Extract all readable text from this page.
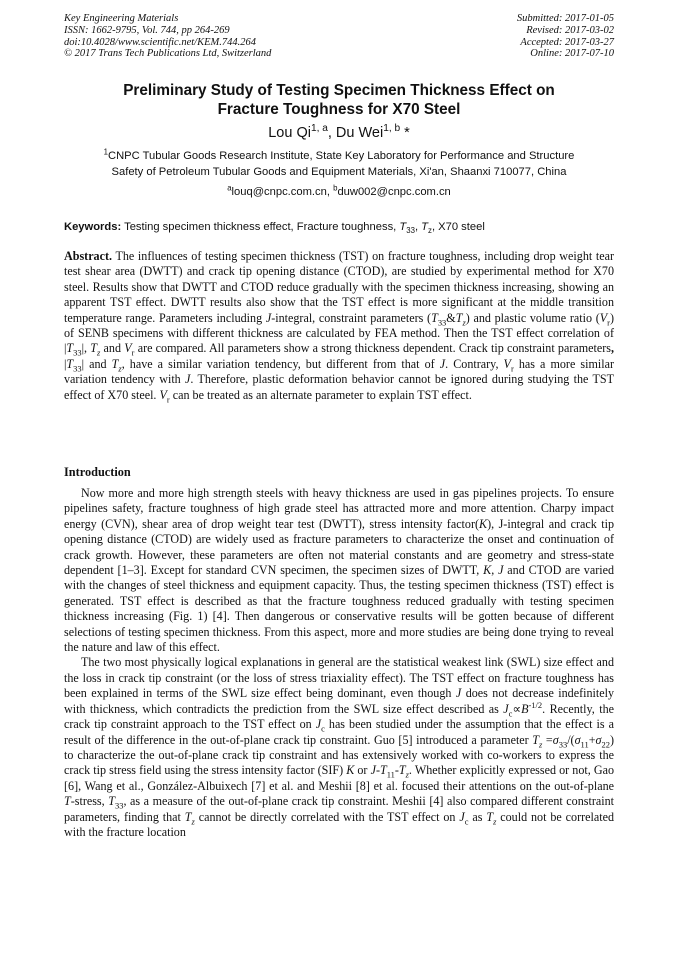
Key Engineering Materials
ISSN: 1662-9795, Vol. 744, pp 264-269
doi:10.4028/www.scientific.net/KEM.744.264
© 2017 Trans Tech Publications Ltd, Switzerland
Submitted: 2017-01-05
Revised: 2017-03-02
Accepted: 2017-03-27
Online: 2017-07-10
Preliminary Study of Testing Specimen Thickness Effect on
Fracture Toughness for X70 Steel
Lou Qi$^{1, a}$, Du Wei$^{1, b}$ *
$^1$CNPC Tubular Goods Research Institute, State Key Laboratory for Performance and Structure
Safety of Petroleum Tubular Goods and Equipment Materials, Xi'an, Shaanxi 710077, China
$^a$louq@cnpc.com.cn, $^b$duw002@cnpc.com.cn
Keywords: Testing specimen thickness effect, Fracture toughness, $T_{33}$, $T_z$, X70 steel
Abstract. The influences of testing specimen thickness (TST) on fracture toughness, including drop weight tear test shear area (DWTT) and crack tip opening distance (CTOD), are studied by experimental method for X70 steel. Results show that DWTT and CTOD reduce gradually with the specimen thickness increasing, showing an apparent TST effect. DWTT results also show that the TST effect is more significant at the middle transition temperature range. Parameters including J-integral, constraint parameters $(T_{33}\&T_z)$ and plastic volume ratio $(V_r)$ of SENB specimens with different thickness are calculated by FEA method. Then the TST effect correlation of $|T_{33}|$, $T_z$ and $V_r$ are compared. All parameters show a strong thickness dependent. Crack tip constraint parameters, $|T_{33}|$ and $T_z$, have a similar variation tendency, but different from that of J. Contrary, $V_r$ has a more similar variation tendency with J. Therefore, plastic deformation behavior cannot be ignored during studying the TST effect of X70 steel. $V_r$ can be treated as an alternate parameter to explain TST effect.
Introduction

Now more and more high strength steels with heavy thickness are used in gas pipelines projects. To ensure pipelines safety, fracture toughness of high grade steel has attracted more and more attention. Charpy impact energy (CVN), shear area of drop weight tear test (DWTT), stress intensity factor(K), J-integral and crack tip opening distance (CTOD) are widely used as fracture parameters to characterize the onset and continuation of crack growth. However, these parameters are often not material constants and are geometry and stress-state dependent [1–3]. Except for standard CVN specimen, the specimen sizes of DWTT, K, J and CTOD are varied with the changes of steel thickness and equipment capacity. Thus, the testing specimen thickness (TST) effect is generated. TST effect is described as that the fracture toughness reduced gradually with testing specimen thickness increasing (Fig. 1) [4]. Then dangerous or conservative results will be gotten because of different selections of testing specimen thickness. From this aspect, more and more studies are being done trying to reveal the nature and law of this effect.

The two most physically logical explanations in general are the statistical weakest link (SWL) size effect and the loss in crack tip constraint (or the loss of stress triaxiality effect). The TST effect on fracture toughness has been explained in terms of the SWL size effect being dominant, even though J does not decrease indefinitely with thickness, which contradicts the prediction from the SWL size effect described as $J_c\propto B^{-1/2}$. Recently, the crack tip constraint approach to the TST effect on $J_c$ has been studied under the assumption that the effect is a result of the difference in the out-of-plane crack tip constraint. Guo [5] introduced a parameter $T_z =\sigma_{33}/(\sigma_{11}+\sigma_{22})$ to characterize the out-of-plane crack tip constraint and has extensively worked with co-workers to express the crack tip stress field using the stress intensity factor (SIF) K or $J-T_{11}-T_z$. Whether explicitly expressed or not, Gao [6], Wang et al., González-Albuixech [7] et al. and Meshii [8] et al. focused their attentions on the out-of-plane T-stress, $T_{33}$, as a measure of the out-of-plane crack tip constraint. Meshii [4] also compared different constraint parameters, finding that $T_z$ cannot be directly correlated with the TST effect on $J_c$ as $T_z$ could not be correlated with the fracture location
